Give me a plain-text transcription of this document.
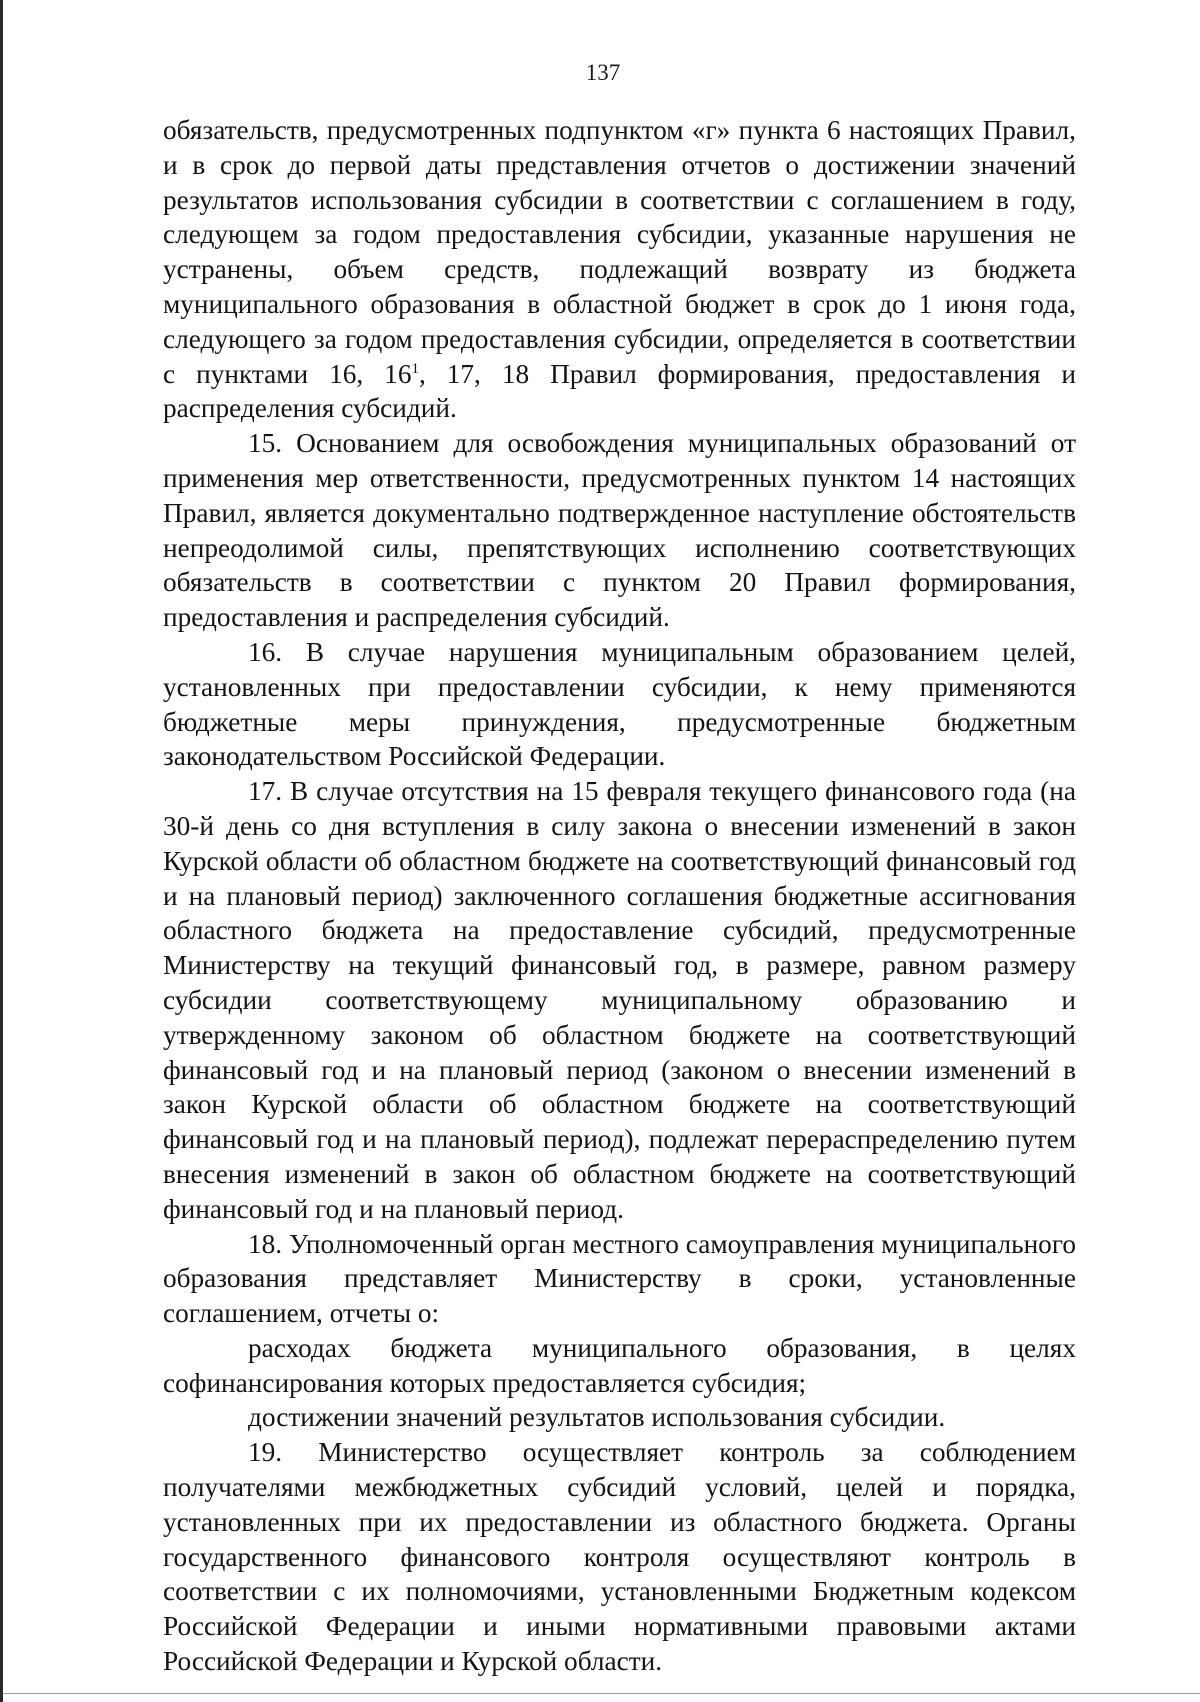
137

обязательств, предусмотренных подпунктом «г» пункта 6 настоящих Правил, и в срок до первой даты представления отчетов о достижении значений результатов использования субсидии в соответствии с соглашением в году, следующем за годом предоставления субсидии, указанные нарушения не устранены, объем средств, подлежащий возврату из бюджета муниципального образования в областной бюджет в срок до 1 июня года, следующего за годом предоставления субсидии, определяется в соответствии с пунктами 16, $16^1$, 17, 18 Правил формирования, предоставления и распределения субсидий.

15. Основанием для освобождения муниципальных образований от применения мер ответственности, предусмотренных пунктом 14 настоящих Правил, является документально подтвержденное наступление обстоятельств непреодолимой силы, препятствующих исполнению соответствующих обязательств в соответствии с пунктом 20 Правил формирования, предоставления и распределения субсидий.

16. В случае нарушения муниципальным образованием целей, установленных при предоставлении субсидии, к нему применяются бюджетные меры принуждения, предусмотренные бюджетным законодательством Российской Федерации.

17. В случае отсутствия на 15 февраля текущего финансового года (на 30-й день со дня вступления в силу закона о внесении изменений в закон Курской области об областном бюджете на соответствующий финансовый год и на плановый период) заключенного соглашения бюджетные ассигнования областного бюджета на предоставление субсидий, предусмотренные Министерству на текущий финансовый год, в размере, равном размеру субсидии соответствующему муниципальному образованию и утвержденному законом об областном бюджете на соответствующий финансовый год и на плановый период (законом о внесении изменений в закон Курской области об областном бюджете на соответствующий финансовый год и на плановый период), подлежат перераспределению путем внесения изменений в закон об областном бюджете на соответствующий финансовый год и на плановый период.

18. Уполномоченный орган местного самоуправления муниципального образования представляет Министерству в сроки, установленные соглашением, отчеты о:

расходах бюджета муниципального образования, в целях софинансирования которых предоставляется субсидия;

достижении значений результатов использования субсидии.

19. Министерство осуществляет контроль за соблюдением получателями межбюджетных субсидий условий, целей и порядка, установленных при их предоставлении из областного бюджета. Органы государственного финансового контроля осуществляют контроль в соответствии с их полномочиями, установленными Бюджетным кодексом Российской Федерации и иными нормативными правовыми актами Российской Федерации и Курской области.
